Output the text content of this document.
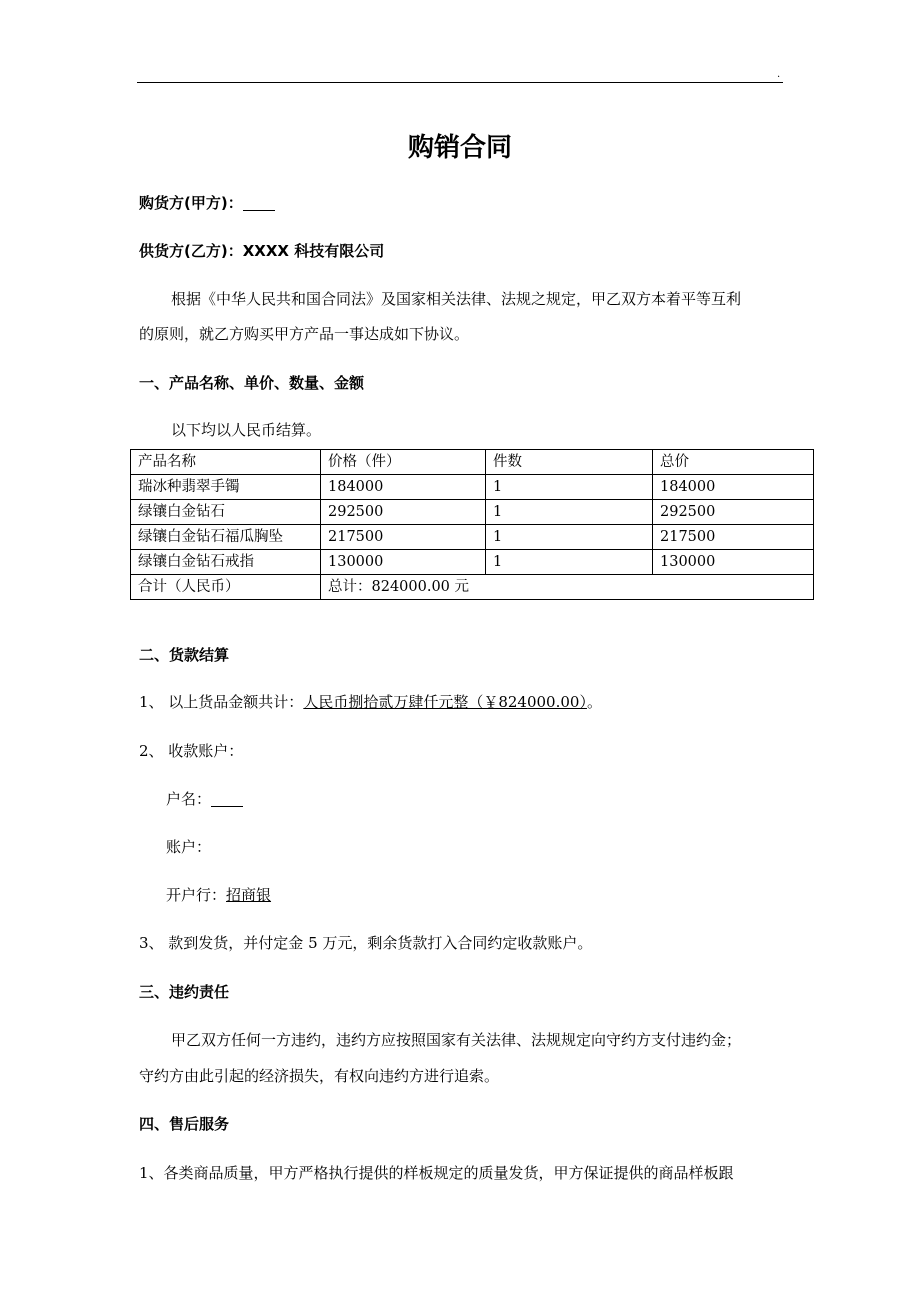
.
购销合同
购货方(甲方)：
供货方(乙方)：XXXX 科技有限公司
根据《中华人民共和国合同法》及国家相关法律、法规之规定，甲乙双方本着平等互利
的原则，就乙方购买甲方产品一事达成如下协议。
一、产品名称、单价、数量、金额
以下均以人民币结算。
产品名称	价格（件）	件数	总价
瑞冰种翡翠手镯	184000	1	184000
绿镶白金钻石	292500	1	292500
绿镶白金钻石福瓜胸坠	217500	1	217500
绿镶白金钻石戒指	130000	1	130000
合计（人民币）	总计：824000.00 元		
二、货款结算
1、 以上货品金额共计：人民币捌拾贰万肆仟元整（￥824000.00）。
2、 收款账户：
户名：
账户：
开户行：招商银
3、 款到发货，并付定金 5 万元，剩余货款打入合同约定收款账户。
三、违约责任
甲乙双方任何一方违约，违约方应按照国家有关法律、法规规定向守约方支付违约金；
守约方由此引起的经济损失，有权向违约方进行追索。
四、售后服务
1、各类商品质量，甲方严格执行提供的样板规定的质量发货，甲方保证提供的商品样板跟
